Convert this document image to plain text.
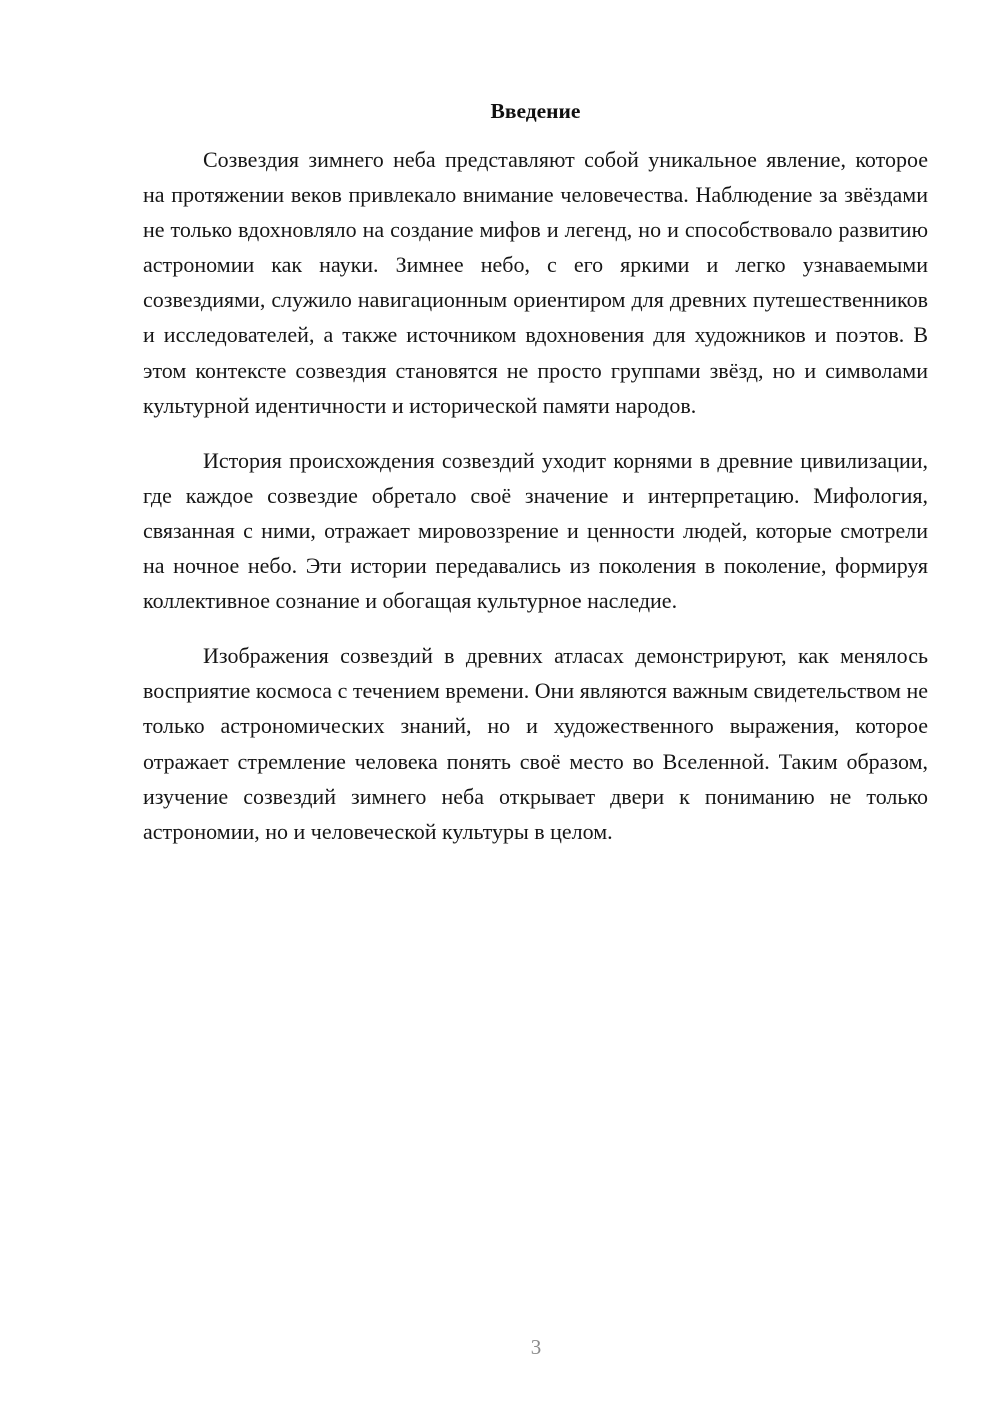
Введение

Созвездия зимнего неба представляют собой уникальное явление, которое на протяжении веков привлекало внимание человечества. Наблюдение за звёздами не только вдохновляло на создание мифов и легенд, но и способствовало развитию астрономии как науки. Зимнее небо, с его яркими и легко узнаваемыми созвездиями, служило навигационным ориентиром для древних путешественников и исследователей, а также источником вдохновения для художников и поэтов. В этом контексте созвездия становятся не просто группами звёзд, но и символами культурной идентичности и исторической памяти народов.

История происхождения созвездий уходит корнями в древние цивилизации, где каждое созвездие обретало своё значение и интерпретацию. Мифология, связанная с ними, отражает мировоззрение и ценности людей, которые смотрели на ночное небо. Эти истории передавались из поколения в поколение, формируя коллективное сознание и обогащая культурное наследие.

Изображения созвездий в древних атласах демонстрируют, как менялось восприятие космоса с течением времени. Они являются важным свидетельством не только астрономических знаний, но и художественного выражения, которое отражает стремление человека понять своё место во Вселенной. Таким образом, изучение созвездий зимнего неба открывает двери к пониманию не только астрономии, но и человеческой культуры в целом.

3
